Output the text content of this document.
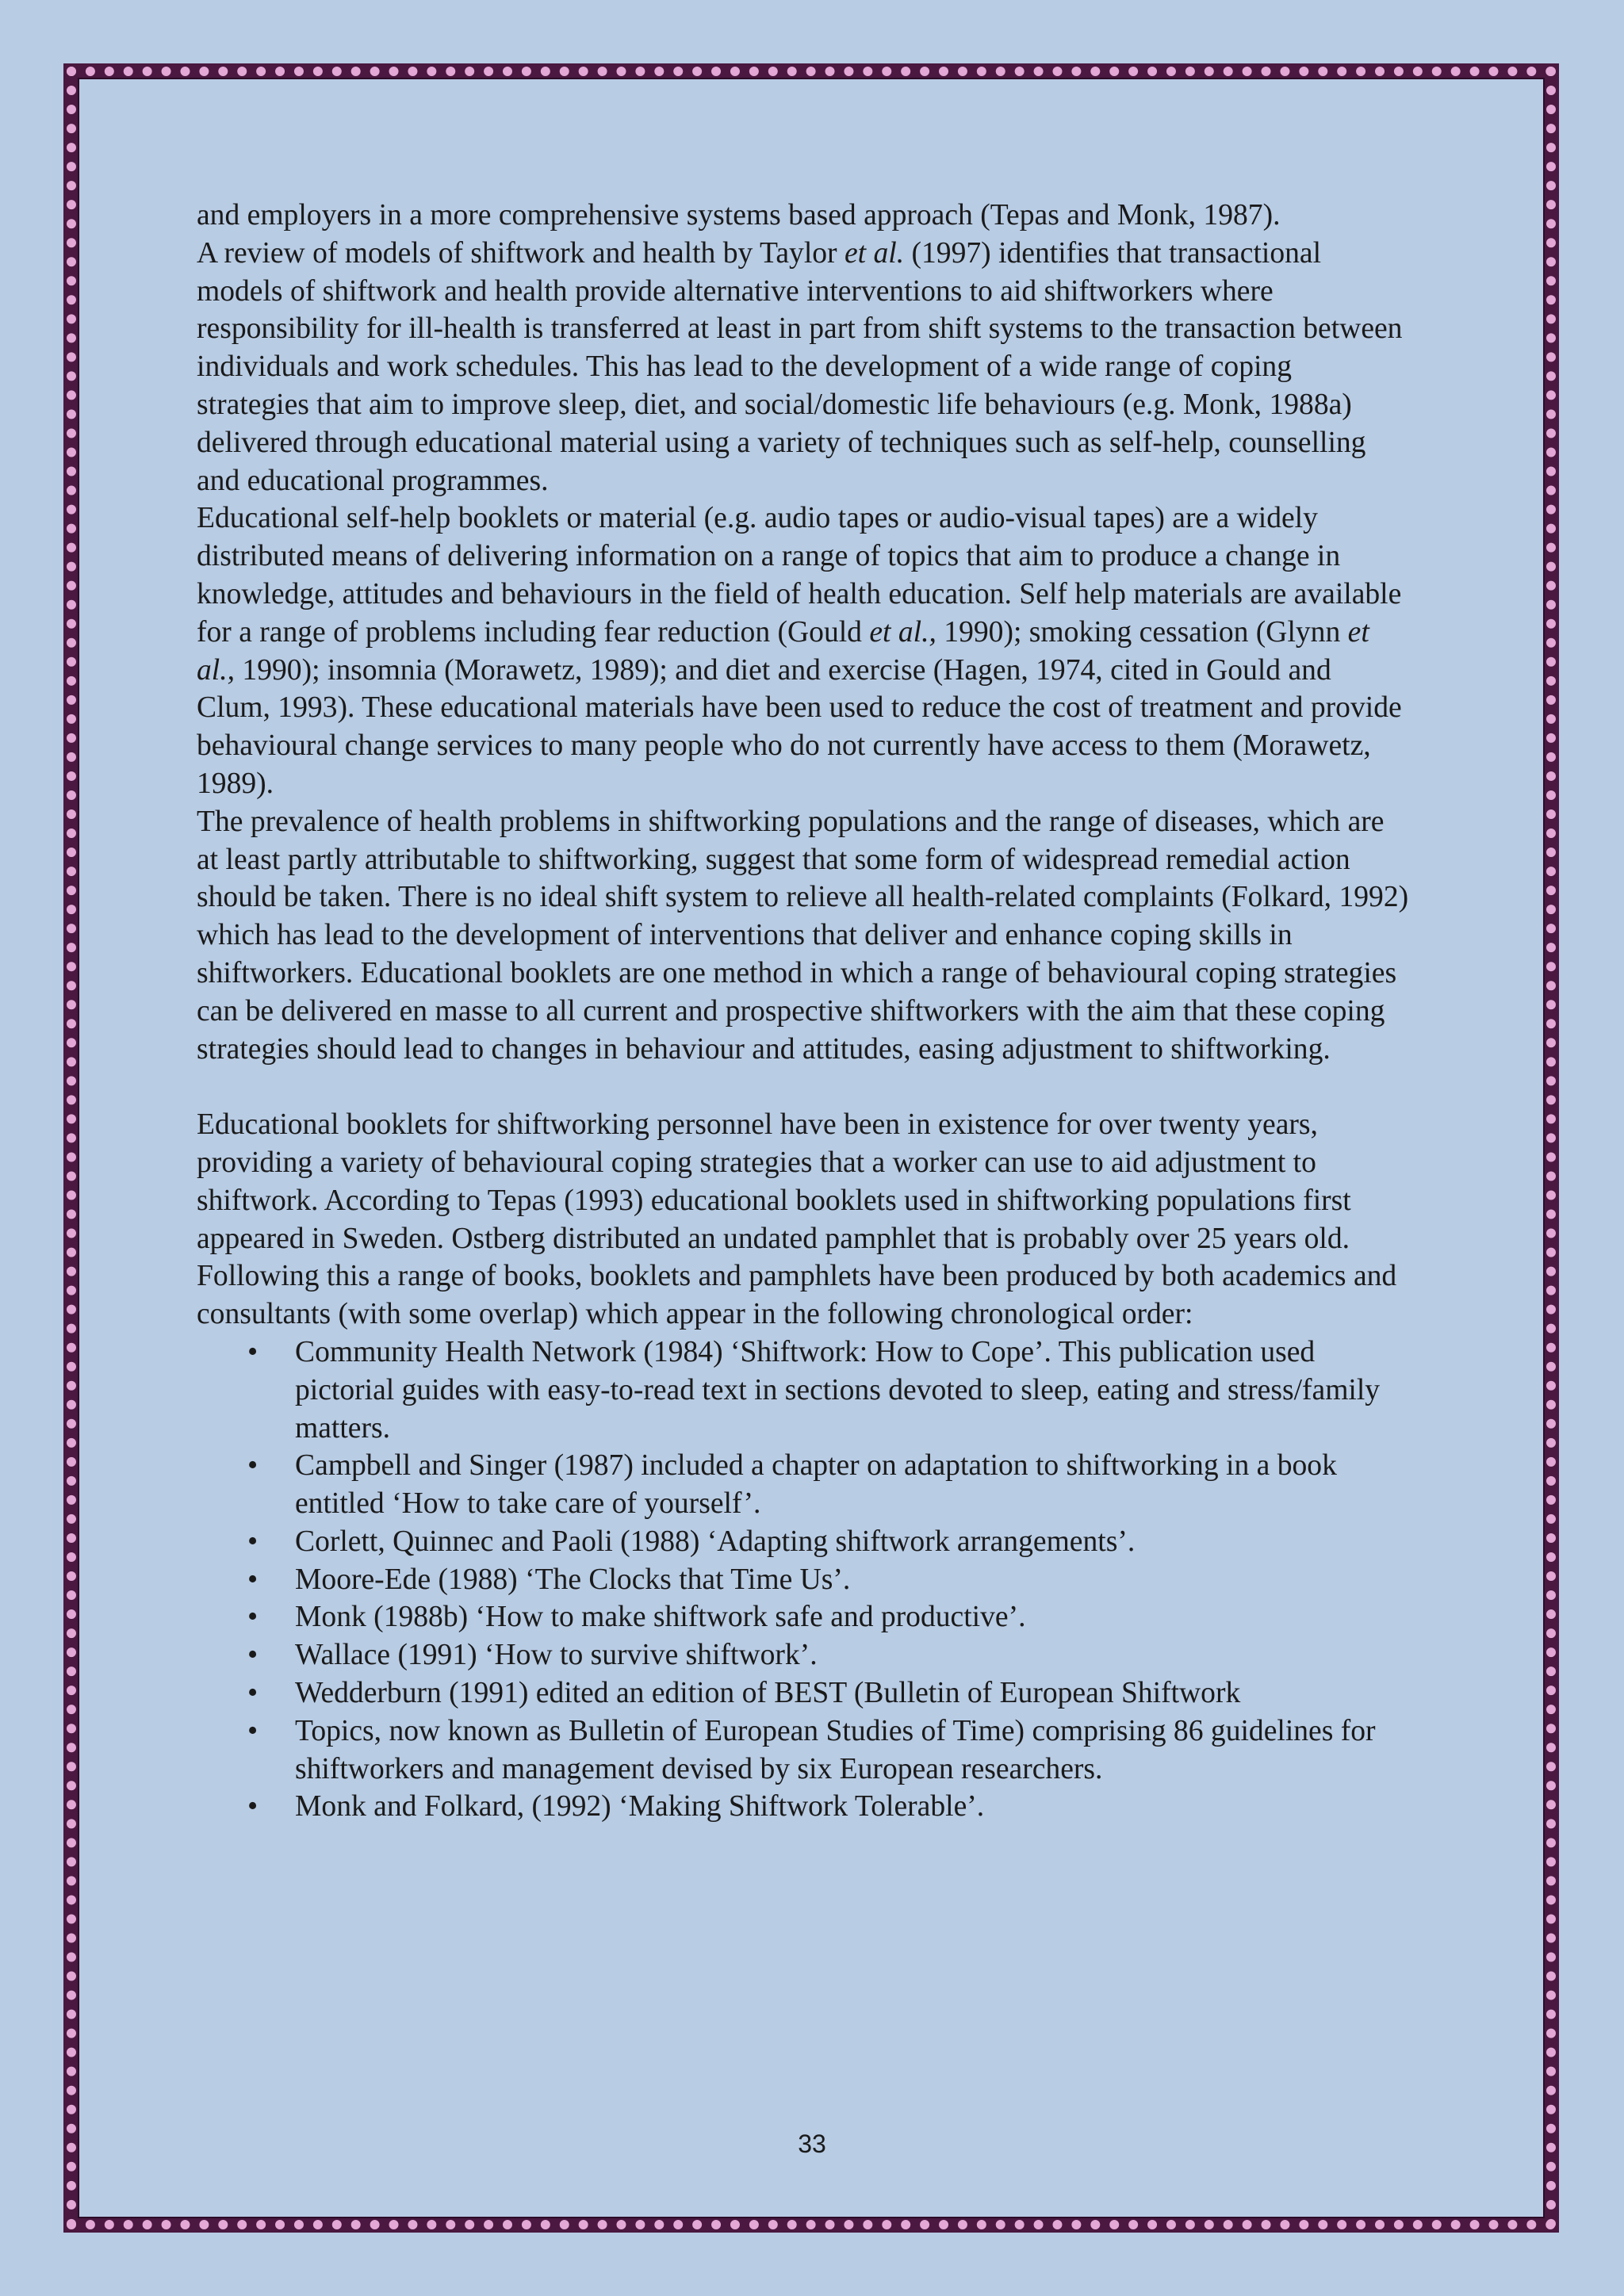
and employers in a more comprehensive systems based approach (Tepas and Monk, 1987).

A review of models of shiftwork and health by Taylor et al. (1997) identifies that transactional models of shiftwork and health provide alternative interventions to aid shiftworkers where responsibility for ill-health is transferred at least in part from shift systems to the transaction between individuals and work schedules. This has lead to the development of a wide range of coping strategies that aim to improve sleep, diet, and social/domestic life behaviours (e.g. Monk, 1988a) delivered through educational material using a variety of techniques such as self-help, counselling and educational programmes.

Educational self-help booklets or material (e.g. audio tapes or audio-visual tapes) are a widely distributed means of delivering information on a range of topics that aim to produce a change in knowledge, attitudes and behaviours in the field of health education. Self help materials are available for a range of problems including fear reduction (Gould et al., 1990); smoking cessation (Glynn et al., 1990); insomnia (Morawetz, 1989); and diet and exercise (Hagen, 1974, cited in Gould and Clum, 1993). These educational materials have been used to reduce the cost of treatment and provide behavioural change services to many people who do not currently have access to them (Morawetz, 1989).

The prevalence of health problems in shiftworking populations and the range of diseases, which are at least partly attributable to shiftworking, suggest that some form of widespread remedial action should be taken. There is no ideal shift system to relieve all health-related complaints (Folkard, 1992) which has lead to the development of interventions that deliver and enhance coping skills in shiftworkers. Educational booklets are one method in which a range of behavioural coping strategies can be delivered en masse to all current and prospective shiftworkers with the aim that these coping strategies should lead to changes in behaviour and attitudes, easing adjustment to shiftworking.

Educational booklets for shiftworking personnel have been in existence for over twenty years, providing a variety of behavioural coping strategies that a worker can use to aid adjustment to shiftwork. According to Tepas (1993) educational booklets used in shiftworking populations first appeared in Sweden. Ostberg distributed an undated pamphlet that is probably over 25 years old. Following this a range of books, booklets and pamphlets have been produced by both academics and consultants (with some overlap) which appear in the following chronological order:

• Community Health Network (1984) ‘Shiftwork: How to Cope’. This publication used pictorial guides with easy-to-read text in sections devoted to sleep, eating and stress/family matters.
• Campbell and Singer (1987) included a chapter on adaptation to shiftworking in a book entitled ‘How to take care of yourself’.
• Corlett, Quinnec and Paoli (1988) ‘Adapting shiftwork arrangements’.
• Moore-Ede (1988) ‘The Clocks that Time Us’.
• Monk (1988b) ‘How to make shiftwork safe and productive’.
• Wallace (1991) ‘How to survive shiftwork’.
• Wedderburn (1991) edited an edition of BEST (Bulletin of European Shiftwork
• Topics, now known as Bulletin of European Studies of Time) comprising 86 guidelines for shiftworkers and management devised by six European researchers.
• Monk and Folkard, (1992) ‘Making Shiftwork Tolerable’.
33
